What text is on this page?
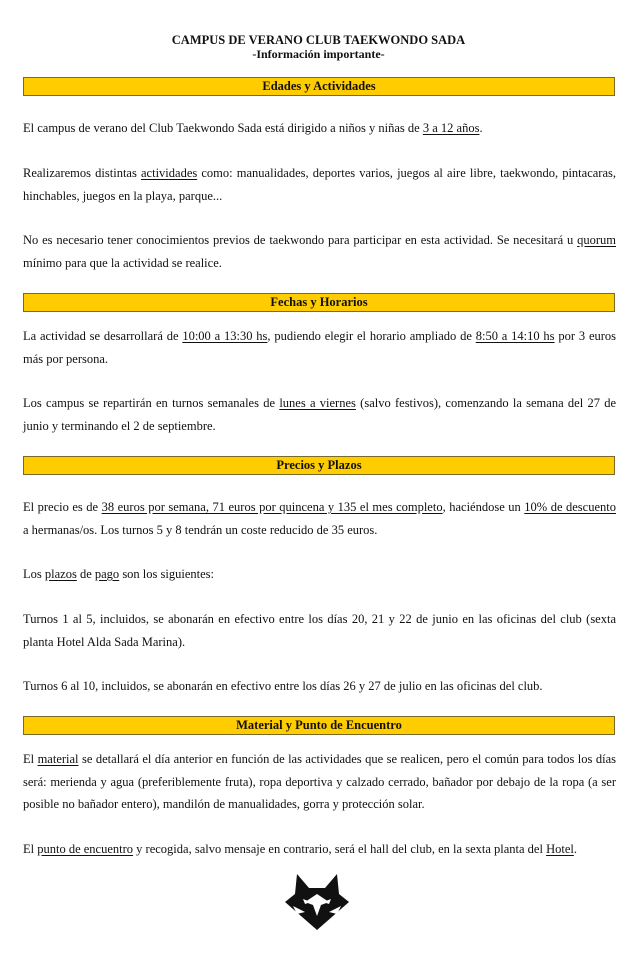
CAMPUS DE VERANO CLUB TAEKWONDO SADA
-Información importante-
Edades y Actividades
El campus de verano del Club Taekwondo Sada está dirigido a niños y niñas de 3 a 12 años.
Realizaremos distintas actividades como: manualidades, deportes varios, juegos al aire libre, taekwondo, pintacaras, hinchables, juegos en la playa, parque...
No es necesario tener conocimientos previos de taekwondo para participar en esta actividad. Se necesitará u quorum mínimo para que la actividad se realice.
Fechas y Horarios
La actividad se desarrollará de 10:00 a 13:30 hs, pudiendo elegir el horario ampliado de 8:50 a 14:10 hs por 3 euros más por persona.
Los campus se repartirán en turnos semanales de lunes a viernes (salvo festivos), comenzando la semana del 27 de junio y terminando el 2 de septiembre.
Precios y Plazos
El precio es de 38 euros por semana, 71 euros por quincena y 135 el mes completo, haciéndose un 10% de descuento a hermanas/os. Los turnos 5 y 8 tendrán un coste reducido de 35 euros.
Los plazos de pago son los siguientes:
Turnos 1 al 5, incluidos, se abonarán en efectivo entre los días 20, 21 y 22 de junio en las oficinas del club (sexta planta Hotel Alda Sada Marina).
Turnos 6 al 10, incluidos, se abonarán en efectivo entre los días 26 y 27 de julio en las oficinas del club.
Material y Punto de Encuentro
El material se detallará el día anterior en función de las actividades que se realicen, pero el común para todos los días será: merienda y agua (preferiblemente fruta), ropa deportiva y calzado cerrado, bañador por debajo de la ropa (a ser posible no bañador entero), mandilón de manualidades, gorra y protección solar.
El punto de encuentro y recogida, salvo mensaje en contrario, será el hall del club, en la sexta planta del Hotel.
